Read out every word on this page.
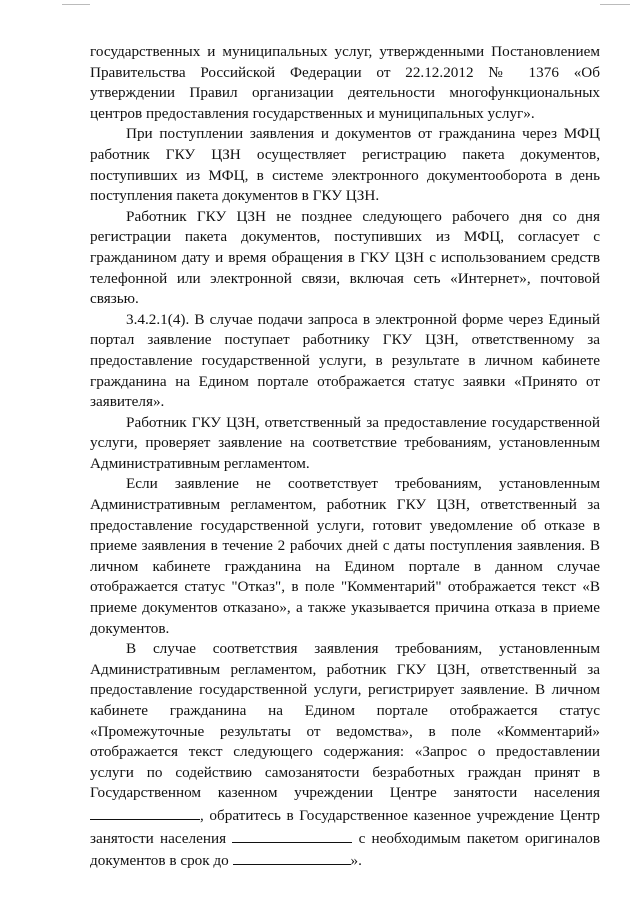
государственных и муниципальных услуг, утвержденными Постановлением Правительства Российской Федерации от 22.12.2012 № 1376 «Об утверждении Правил организации деятельности многофункциональных центров предоставления государственных и муниципальных услуг».

При поступлении заявления и документов от гражданина через МФЦ работник ГКУ ЦЗН осуществляет регистрацию пакета документов, поступивших из МФЦ, в системе электронного документооборота в день поступления пакета документов в ГКУ ЦЗН.

Работник ГКУ ЦЗН не позднее следующего рабочего дня со дня регистрации пакета документов, поступивших из МФЦ, согласует с гражданином дату и время обращения в ГКУ ЦЗН с использованием средств телефонной или электронной связи, включая сеть «Интернет», почтовой связью.

3.4.2.1(4). В случае подачи запроса в электронной форме через Единый портал заявление поступает работнику ГКУ ЦЗН, ответственному за предоставление государственной услуги, в результате в личном кабинете гражданина на Едином портале отображается статус заявки «Принято от заявителя».

Работник ГКУ ЦЗН, ответственный за предоставление государственной услуги, проверяет заявление на соответствие требованиям, установленным Административным регламентом.

Если заявление не соответствует требованиям, установленным Административным регламентом, работник ГКУ ЦЗН, ответственный за предоставление государственной услуги, готовит уведомление об отказе в приеме заявления в течение 2 рабочих дней с даты поступления заявления. В личном кабинете гражданина на Едином портале в данном случае отображается статус "Отказ", в поле "Комментарий" отображается текст «В приеме документов отказано», а также указывается причина отказа в приеме документов.

В случае соответствия заявления требованиям, установленным Административным регламентом, работник ГКУ ЦЗН, ответственный за предоставление государственной услуги, регистрирует заявление. В личном кабинете гражданина на Едином портале отображается статус «Промежуточные результаты от ведомства», в поле «Комментарий» отображается текст следующего содержания: «Запрос о предоставлении услуги по содействию самозанятости безработных граждан принят в Государственном казенном учреждении Центре занятости населения , обратитесь в Государственное казенное учреждение Центр занятости населения	с необходимым пакетом оригиналов документов в срок до	».
